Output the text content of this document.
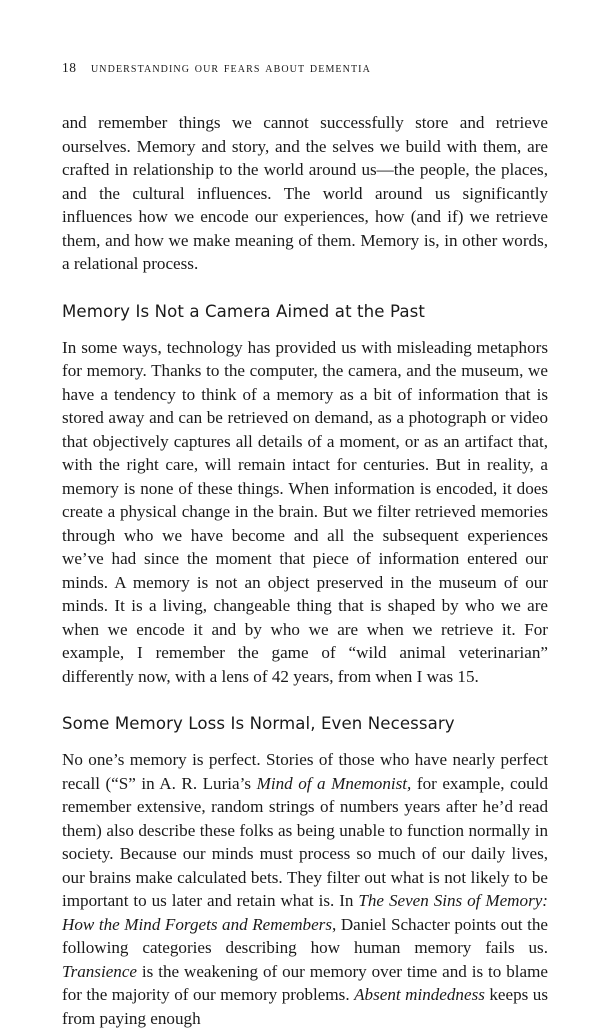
18 understanding our fears about dementia

and remember things we cannot successfully store and retrieve ourselves. Memory and story, and the selves we build with them, are crafted in relationship to the world around us—the people, the places, and the cultural influences. The world around us significantly influences how we encode our experiences, how (and if) we retrieve them, and how we make meaning of them. Memory is, in other words, a relational process.

Memory Is Not a Camera Aimed at the Past

In some ways, technology has provided us with misleading metaphors for memory. Thanks to the computer, the camera, and the museum, we have a tendency to think of a memory as a bit of information that is stored away and can be retrieved on demand, as a photograph or video that objectively captures all details of a moment, or as an artifact that, with the right care, will remain intact for centuries. But in reality, a memory is none of these things. When information is encoded, it does create a physical change in the brain. But we filter retrieved memories through who we have become and all the subsequent experiences we’ve had since the moment that piece of information entered our minds. A memory is not an object preserved in the museum of our minds. It is a living, changeable thing that is shaped by who we are when we encode it and by who we are when we retrieve it. For example, I remember the game of “wild animal veterinarian” differently now, with a lens of 42 years, from when I was 15.

Some Memory Loss Is Normal, Even Necessary

No one’s memory is perfect. Stories of those who have nearly perfect recall (“S” in A. R. Luria’s Mind of a Mnemonist, for example, could remember extensive, random strings of numbers years after he’d read them) also describe these folks as being unable to function normally in society. Because our minds must process so much of our daily lives, our brains make calculated bets. They filter out what is not likely to be important to us later and retain what is. In The Seven Sins of Memory: How the Mind Forgets and Remembers, Daniel Schacter points out the following categories describing how human memory fails us. Transience is the weakening of our memory over time and is to blame for the majority of our memory problems. Absent mindedness keeps us from paying enough
